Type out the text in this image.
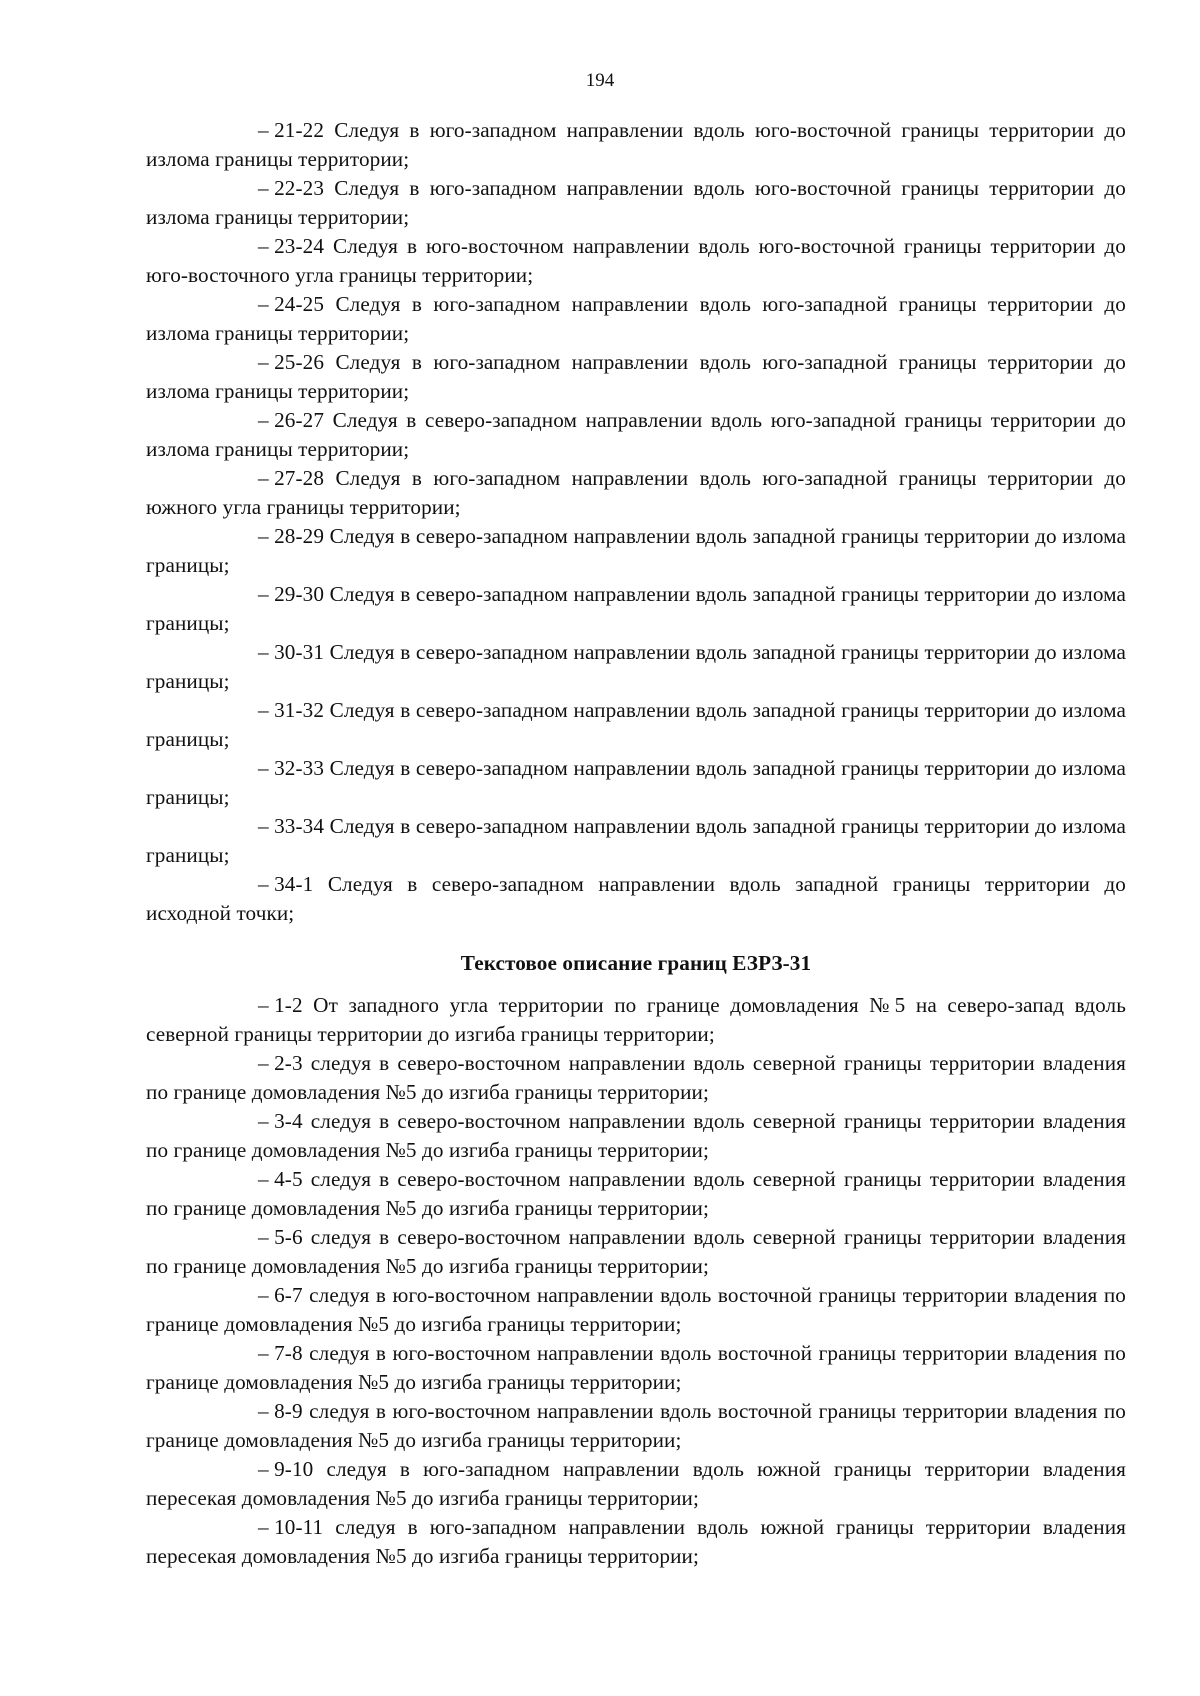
194

– 21-22 Следуя в юго-западном направлении вдоль юго-восточной границы территории до излома границы территории;

– 22-23 Следуя в юго-западном направлении вдоль юго-восточной границы территории до излома границы территории;

– 23-24 Следуя в юго-восточном направлении вдоль юго-восточной границы территории до юго-восточного угла границы территории;

– 24-25 Следуя в юго-западном направлении вдоль юго-западной границы территории до излома границы территории;

– 25-26 Следуя в юго-западном направлении вдоль юго-западной границы территории до излома границы территории;

– 26-27 Следуя в северо-западном направлении вдоль юго-западной границы территории до излома границы территории;

– 27-28 Следуя в юго-западном направлении вдоль юго-западной границы территории до южного угла границы территории;

– 28-29 Следуя в северо-западном направлении вдоль западной границы территории до излома границы;

– 29-30 Следуя в северо-западном направлении вдоль западной границы территории до излома границы;

– 30-31 Следуя в северо-западном направлении вдоль западной границы территории до излома границы;

– 31-32 Следуя в северо-западном направлении вдоль западной границы территории до излома границы;

– 32-33 Следуя в северо-западном направлении вдоль западной границы территории до излома границы;

– 33-34 Следуя в северо-западном направлении вдоль западной границы территории до излома границы;

– 34-1 Следуя в северо-западном направлении вдоль западной границы территории до исходной точки;

Текстовое описание границ ЕЗРЗ-31

– 1-2 От западного угла территории по границе домовладения №5 на северо-запад вдоль северной границы территории до изгиба границы территории;

– 2-3 следуя в северо-восточном направлении вдоль северной границы территории владения по границе домовладения №5 до изгиба границы территории;

– 3-4 следуя в северо-восточном направлении вдоль северной границы территории владения по границе домовладения №5 до изгиба границы территории;

– 4-5 следуя в северо-восточном направлении вдоль северной границы территории владения по границе домовладения №5 до изгиба границы территории;

– 5-6 следуя в северо-восточном направлении вдоль северной границы территории владения по границе домовладения №5 до изгиба границы территории;

– 6-7 следуя в юго-восточном направлении вдоль восточной границы территории владения по границе домовладения №5 до изгиба границы территории;

– 7-8 следуя в юго-восточном направлении вдоль восточной границы территории владения по границе домовладения №5 до изгиба границы территории;

– 8-9 следуя в юго-восточном направлении вдоль восточной границы территории владения по границе домовладения №5 до изгиба границы территории;

– 9-10 следуя в юго-западном направлении вдоль южной границы территории владения пересекая домовладения №5 до изгиба границы территории;

– 10-11 следуя в юго-западном направлении вдоль южной границы территории владения пересекая домовладения №5 до изгиба границы территории;
